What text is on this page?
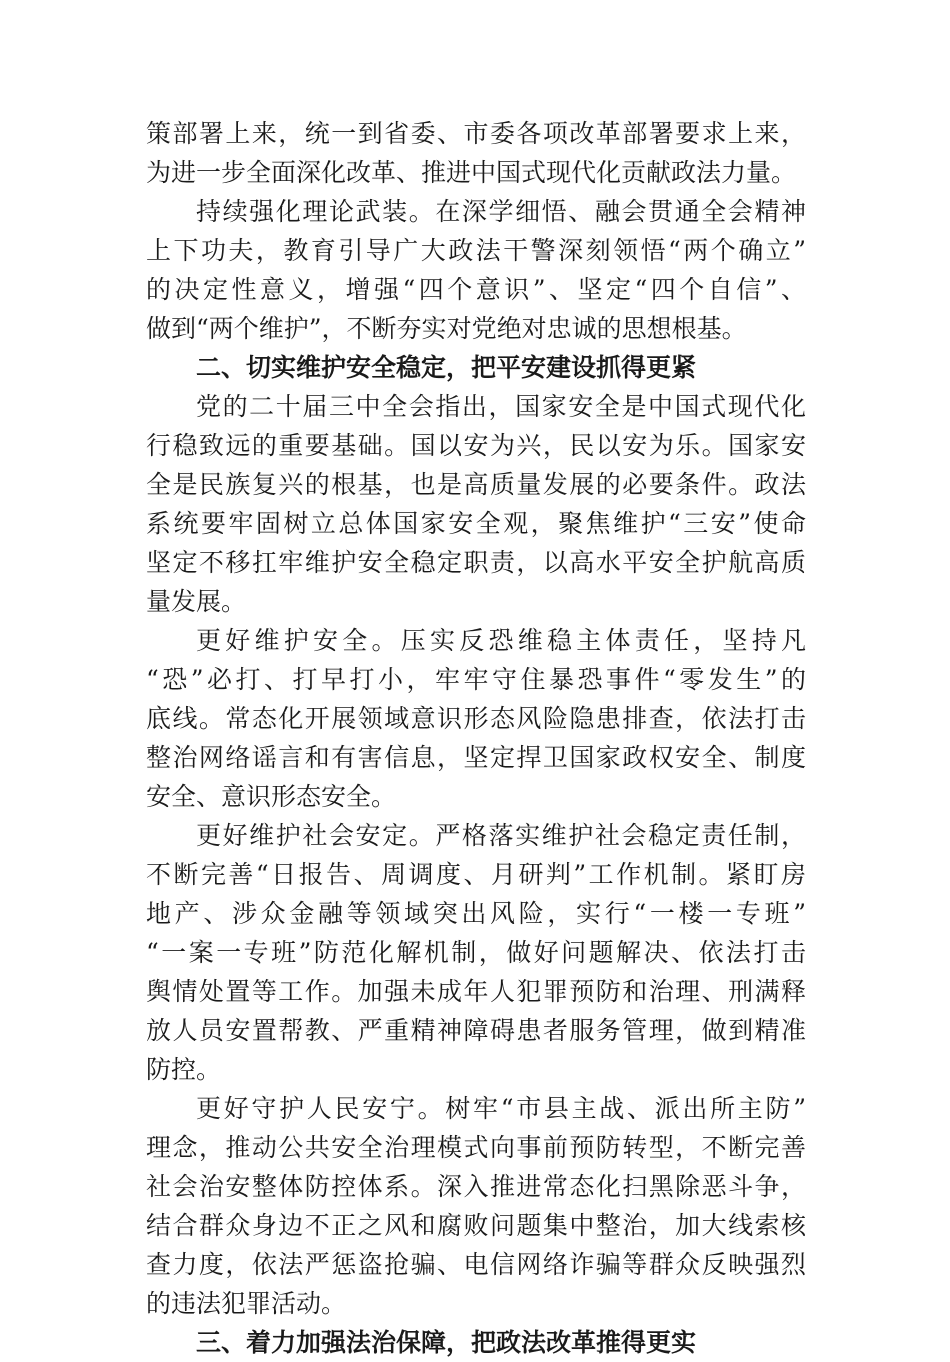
策部署上来，统一到省委、市委各项改革部署要求上来，
为进一步全面深化改革、推进中国式现代化贡献政法力量。
持续强化理论武装。在深学细悟、融会贯通全会精神
上下功夫，教育引导广大政法干警深刻领悟“两个确立”
的决定性意义，增强“四个意识”、坚定“四个自信”、
做到“两个维护”，不断夯实对党绝对忠诚的思想根基。
二、切实维护安全稳定，把平安建设抓得更紧
党的二十届三中全会指出，国家安全是中国式现代化
行稳致远的重要基础。国以安为兴，民以安为乐。国家安
全是民族复兴的根基，也是高质量发展的必要条件。政法
系统要牢固树立总体国家安全观，聚焦维护“三安”使命
坚定不移扛牢维护安全稳定职责，以高水平安全护航高质
量发展。
更好维护安全。压实反恐维稳主体责任，坚持凡
“恐”必打、打早打小，牢牢守住暴恐事件“零发生”的
底线。常态化开展领域意识形态风险隐患排查，依法打击
整治网络谣言和有害信息，坚定捍卫国家政权安全、制度
安全、意识形态安全。
更好维护社会安定。严格落实维护社会稳定责任制，
不断完善“日报告、周调度、月研判”工作机制。紧盯房
地产、涉众金融等领域突出风险，实行“一楼一专班”
“一案一专班”防范化解机制，做好问题解决、依法打击
舆情处置等工作。加强未成年人犯罪预防和治理、刑满释
放人员安置帮教、严重精神障碍患者服务管理，做到精准
防控。
更好守护人民安宁。树牢“市县主战、派出所主防”
理念，推动公共安全治理模式向事前预防转型，不断完善
社会治安整体防控体系。深入推进常态化扫黑除恶斗争，
结合群众身边不正之风和腐败问题集中整治，加大线索核
查力度，依法严惩盗抢骗、电信网络诈骗等群众反映强烈
的违法犯罪活动。
三、着力加强法治保障，把政法改革推得更实
